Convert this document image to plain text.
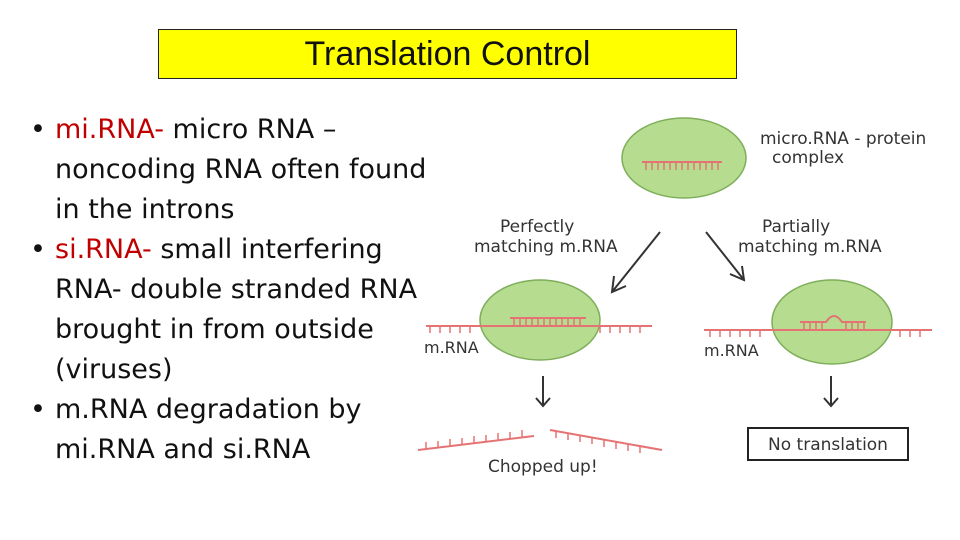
Translation Control
• mi.RNA- micro RNA – noncoding RNA often found in the introns
• si.RNA- small interfering RNA- double stranded RNA brought in from outside (viruses)
• m.RNA degradation by mi.RNA and si.RNA
micro.RNA - protein
complex
Perfectly
matching m.RNA
Partially
matching m.RNA
m.RNA	m.RNA
Chopped up!
No translation
